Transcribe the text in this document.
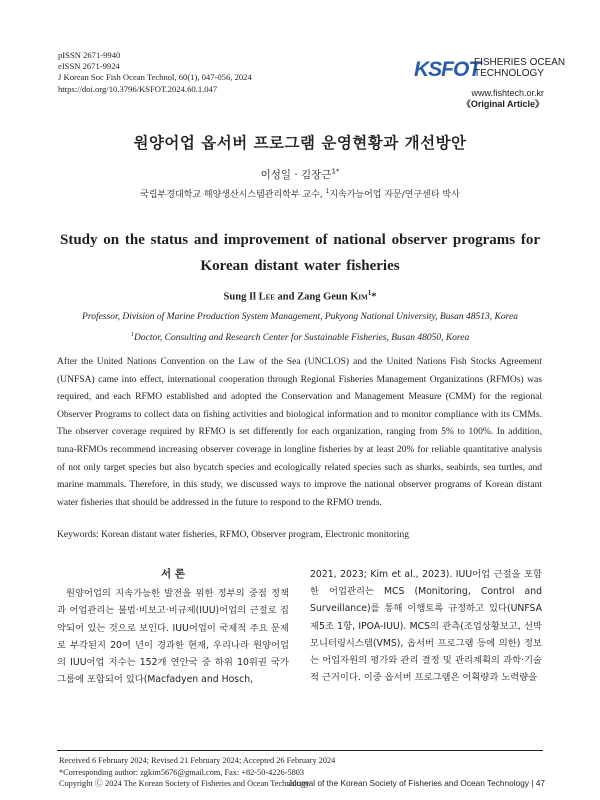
pISSN 2671-9940
eISSN 2671-9924
J Korean Soc Fish Ocean Technol, 60(1), 047-056, 2024
https://doi.org/10.3796/KSFOT.2024.60.1.047
KSFOT
FISHERIES OCEAN
TECHNOLOGY
www.fishtech.or.kr
《Original Article》
원양어업 옵서버 프로그램 운영현황과 개선방안
이성일 · 김장근$^{1*}$
국립부경대학교 해양생산시스템관리학부 교수, $^1$지속가능어업 자문/연구센타 박사
Study on the status and improvement of national observer programs for
Korean distant water fisheries
Sung Il Lee and Zang Geun Kim$^1$*
Professor, Division of Marine Production System Management, Pukyong National University, Busan 48513, Korea
$^1$Doctor, Consulting and Research Center for Sustainable Fisheries, Busan 48050, Korea
After the United Nations Convention on the Law of the Sea (UNCLOS) and the United Nations Fish Stocks Agreement (UNFSA) came into effect, international cooperation through Regional Fisheries Management Organizations (RFMOs) was required, and each RFMO established and adopted the Conservation and Management Measure (CMM) for the regional Observer Programs to collect data on fishing activities and biological information and to monitor compliance with its CMMs. The observer coverage required by RFMO is set differently for each organization, ranging from 5% to 100%. In addition, tuna-RFMOs recommend increasing observer coverage in longline fisheries by at least 20% for reliable quantitative analysis of not only target species but also bycatch species and ecologically related species such as sharks, seabirds, sea turtles, and marine mammals. Therefore, in this study, we discussed ways to improve the national observer programs of Korean distant water fisheries that should be addressed in the future to respond to the RFMO trends.
Keywords: Korean distant water fisheries, RFMO, Observer program, Electronic monitoring
서 론

원양어업의 지속가능한 발전을 위한 정부의 중점 정책과 어업관리는 불법·비보고·비규제(IUU)어업의 근절로 집약되어 있는 것으로 보인다. IUU어업이 국제적 주요 문제로 부각된지 20여 년이 경과한 현재, 우리나라 원양어업의 IUU어업 지수는 152개 연안국 중 하위 10위권 국가 그룹에 포함되어 있다(Macfadyen and Hosch,

2021, 2023; Kim et al., 2023). IUU어업 근절을 포함한 어업관리는 MCS (Monitoring, Control and Surveillance)를 통해 이행토록 규정하고 있다(UNFSA 제5조 1항, IPOA-IUU). MCS의 관측(조업상황보고, 선박모니터링시스템(VMS), 옵서버 프로그램 등에 의한) 정보는 어업자원의 평가와 관리 결정 및 관리계획의 과학·기술적 근거이다. 이중 옵서버 프로그램은 어획량과 노력량을

Received 6 February 2024; Revised 21 February 2024; Accepted 26 February 2024
*Corresponding author: zgkim5676@gmail.com, Fax: +82-50-4226-5803
Copyright Ⓒ 2024 The Korean Society of Fisheries and Ocean Technology
Journal of the Korean Society of Fisheries and Ocean Technology | 47
